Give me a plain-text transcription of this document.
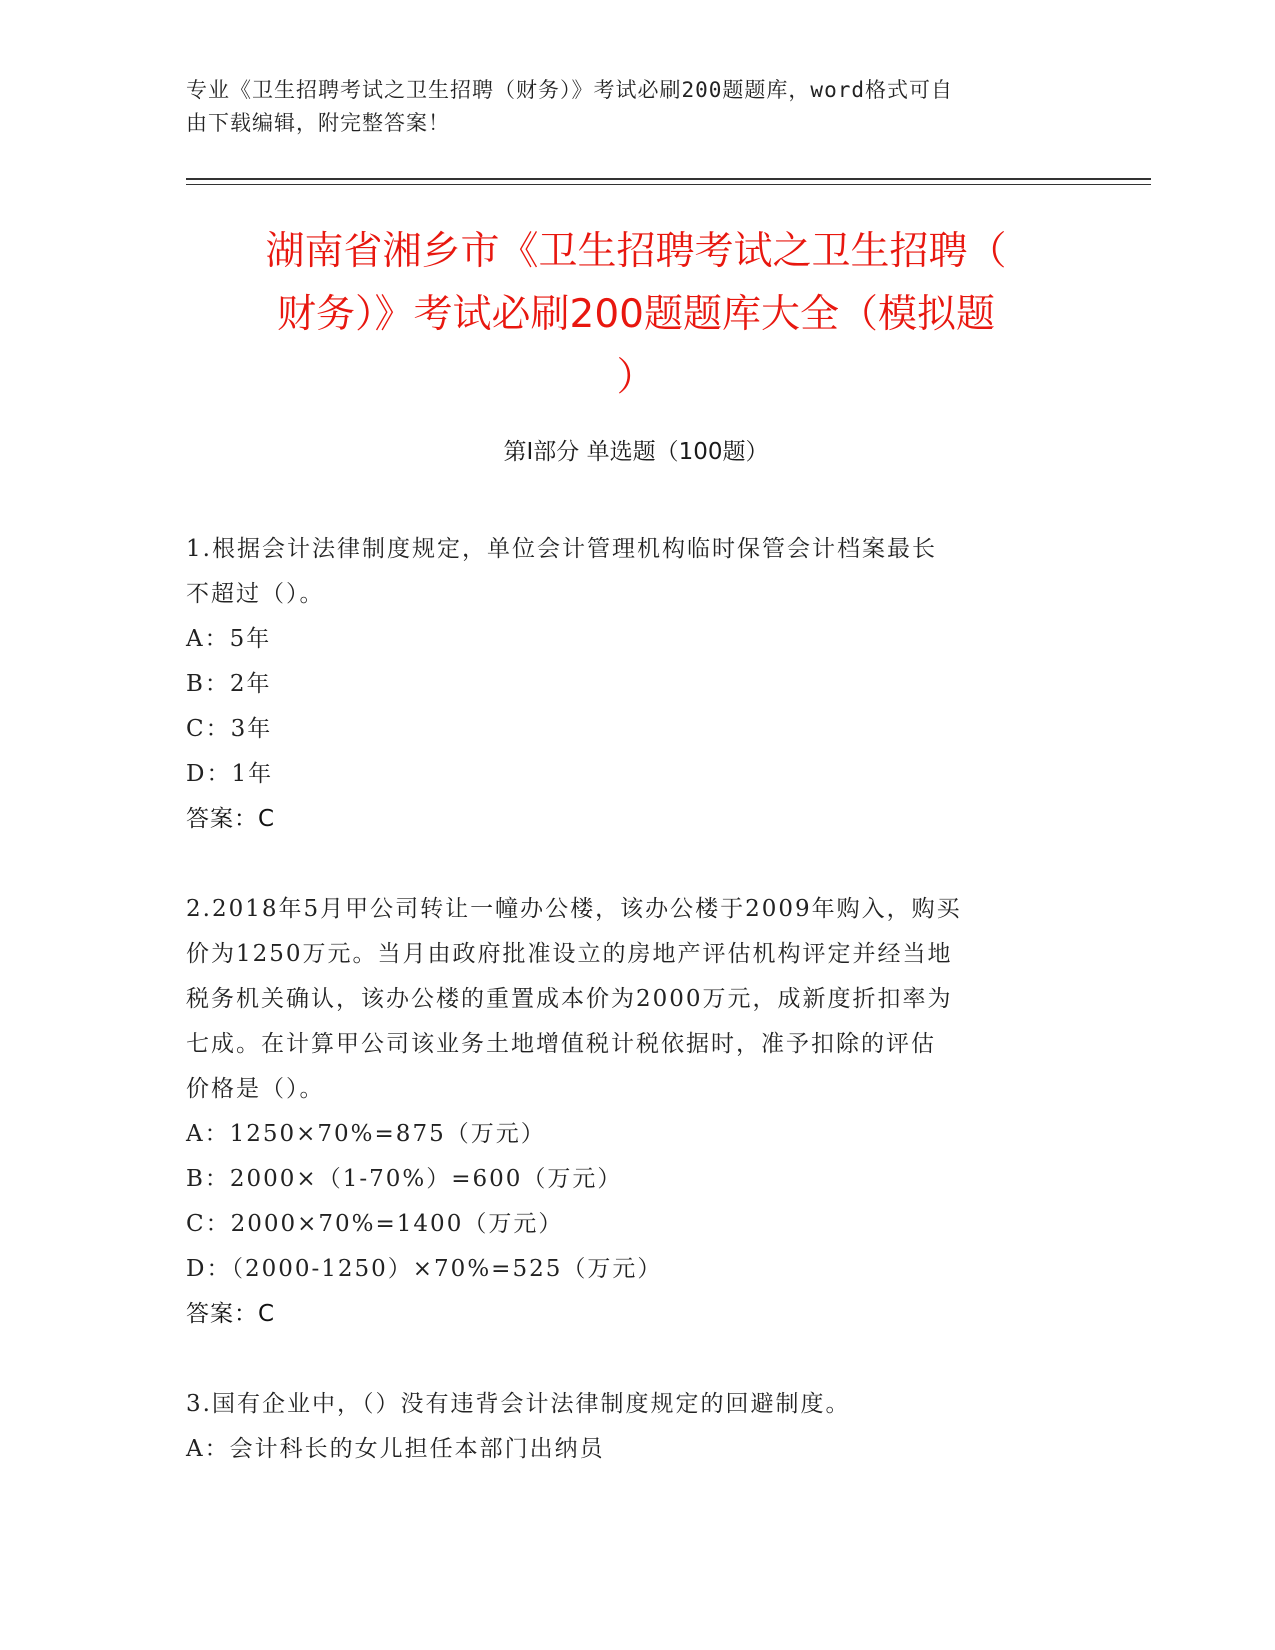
专业《卫生招聘考试之卫生招聘（财务）》考试必刷200题题库，word格式可自
由下载编辑，附完整答案！
湖南省湘乡市《卫生招聘考试之卫生招聘（
财务）》考试必刷200题题库大全（模拟题
）
第Ⅰ部分 单选题（100题）
1.根据会计法律制度规定，单位会计管理机构临时保管会计档案最长
不超过（）。
A：5年
B：2年
C：3年
D：1年
答案：C
2.2018年5月甲公司转让一幢办公楼，该办公楼于2009年购入，购买
价为1250万元。当月由政府批准设立的房地产评估机构评定并经当地
税务机关确认，该办公楼的重置成本价为2000万元，成新度折扣率为
七成。在计算甲公司该业务土地增值税计税依据时，准予扣除的评估
价格是（）。
A：1250×70%=875（万元）
B：2000×（1-70%）=600（万元）
C：2000×70%=1400（万元）
D：（2000-1250）×70%=525（万元）
答案：C
3.国有企业中，（）没有违背会计法律制度规定的回避制度。
A：会计科长的女儿担任本部门出纳员
